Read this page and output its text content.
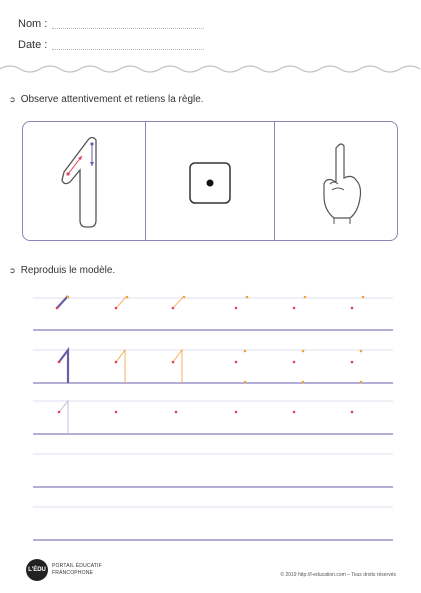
Nom :
Date :
➲ Observe attentivement et retiens la règle.
➲ Reproduis le modèle.
L'ÉDU
PORTAIL ÉDUCATIF
FRANCOPHONE	© 2019 http://l-education.com – Tous droits réservés
